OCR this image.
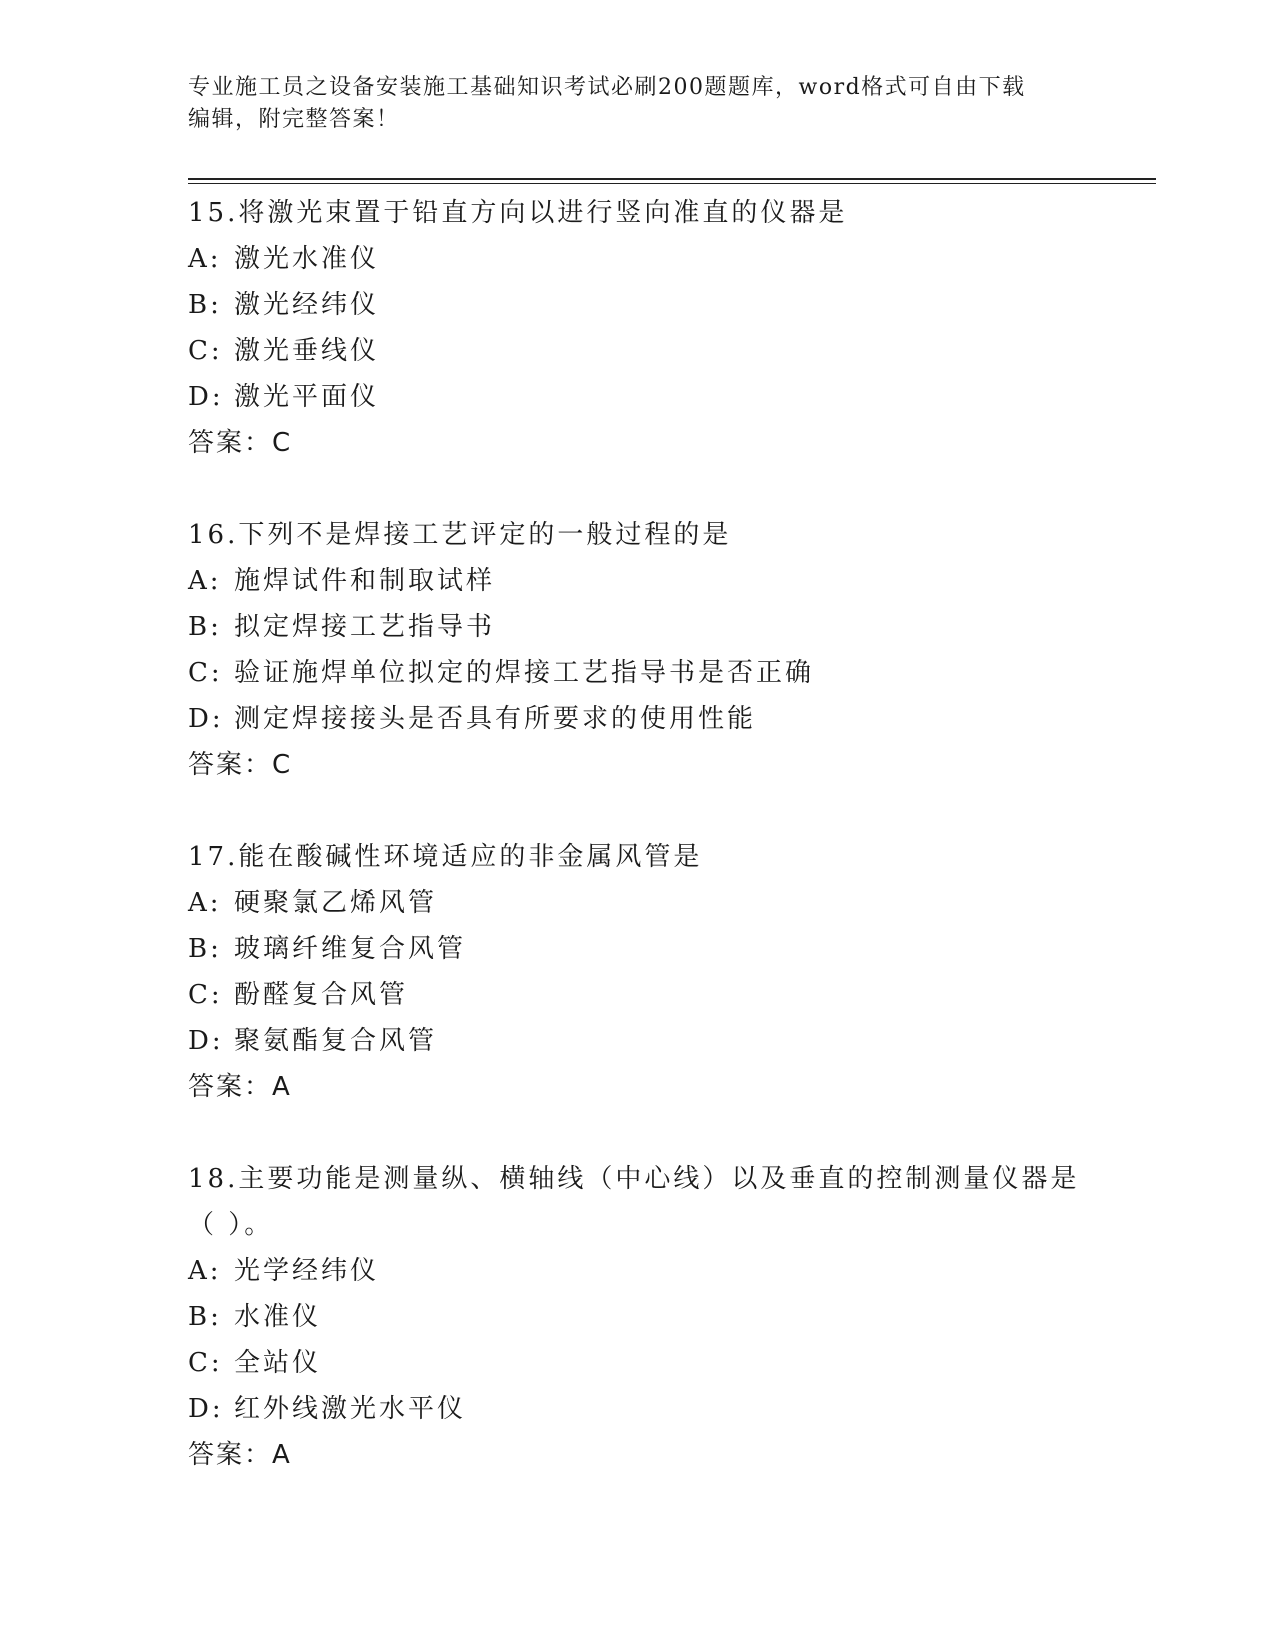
专业施工员之设备安装施工基础知识考试必刷200题题库，word格式可自由下载
编辑，附完整答案！
15.将激光束置于铅直方向以进行竖向准直的仪器是
A: 激光水准仪
B: 激光经纬仪
C: 激光垂线仪
D: 激光平面仪
答案：C
16.下列不是焊接工艺评定的一般过程的是
A: 施焊试件和制取试样
B: 拟定焊接工艺指导书
C: 验证施焊单位拟定的焊接工艺指导书是否正确
D: 测定焊接接头是否具有所要求的使用性能
答案：C
17.能在酸碱性环境适应的非金属风管是
A: 硬聚氯乙烯风管
B: 玻璃纤维复合风管
C: 酚醛复合风管
D: 聚氨酯复合风管
答案：A
18.主要功能是测量纵、横轴线（中心线）以及垂直的控制测量仪器是
（ ）。
A: 光学经纬仪
B: 水准仪
C: 全站仪
D: 红外线激光水平仪
答案：A
